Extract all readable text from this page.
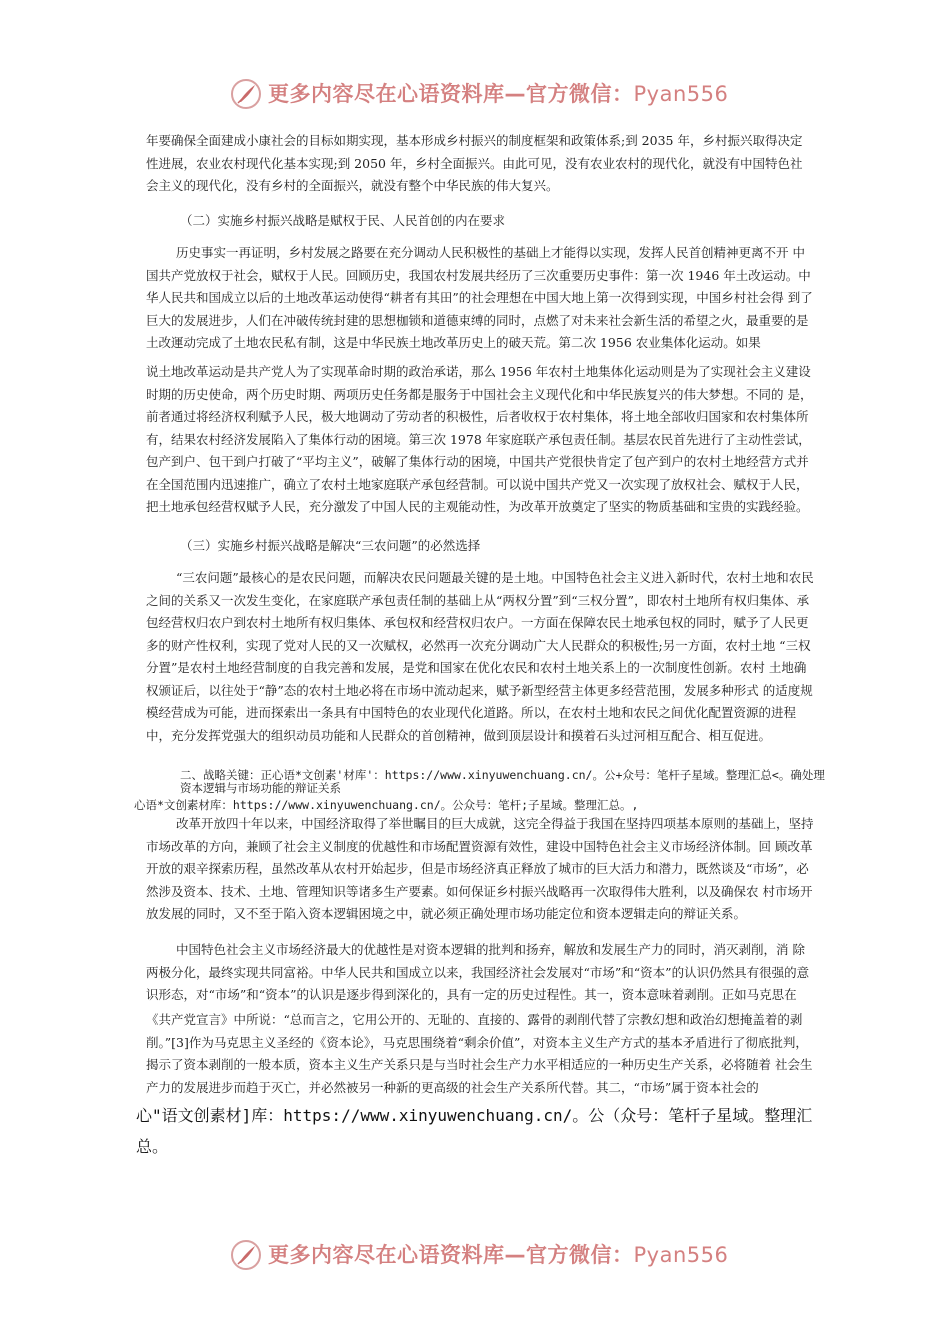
更多内容尽在心语资料库—官方微信：Pyan556

年要确保全面建成小康社会的目标如期实现，基本形成乡村振兴的制度框架和政策体系;到 2035 年，乡村振兴取得决定性进展，农业农村现代化基本实现;到 2050 年，乡村全面振兴。由此可见，没有农业农村的现代化，就没有中国特色社会主义的现代化，没有乡村的全面振兴，就没有整个中华民族的伟大复兴。

（二）实施乡村振兴战略是赋权于民、人民首创的内在要求

历史事实一再证明，乡村发展之路要在充分调动人民积极性的基础上才能得以实现，发挥人民首创精神更离不开 中国共产党放权于社会，赋权于人民。回顾历史，我国农村发展共经历了三次重要历史事件：第一次 1946 年土改运动。中华人民共和国成立以后的土地改革运动使得“耕者有其田”的社会理想在中国大地上第一次得到实现，中国乡村社会得 到了巨大的发展进步，人们在冲破传统封建的思想枷锁和道德束缚的同时，点燃了对未来社会新生活的希望之火，最重要的是土改運动完成了土地农民私有制，这是中华民族土地改革历史上的破天荒。第二次 1956 农业集体化运动。如果

说土地改革运动是共产党人为了实现革命时期的政治承诺，那么 1956 年农村土地集体化运动则是为了实现社会主义建设时期的历史使命，两个历史时期、两项历史任务都是服务于中国社会主义现代化和中华民族复兴的伟大梦想。不同的 是，前者通过将经济权利赋予人民，极大地调动了劳动者的积极性，后者收权于农村集体，将土地全部收归国家和农村集体所有，结果农村经济发展陷入了集体行动的困境。第三次 1978 年家庭联产承包责任制。基层农民首先进行了主动性尝试，包产到户、包干到户打破了“平均主义”，破解了集体行动的困境，中国共产党很快肯定了包产到户的农村土地经营方式并在全国范围内迅速推广，确立了农村土地家庭联产承包经营制。可以说中国共产党又一次实现了放权社会、赋权于人民，把土地承包经营权赋予人民，充分激发了中国人民的主观能动性，为改革开放奠定了坚实的物质基础和宝贵的实践经验。

（三）实施乡村振兴战略是解决“三农问题”的必然选择

“三农问题”最核心的是农民问题，而解决农民问题最关键的是土地。中国特色社会主义进入新时代，农村土地和农民之间的关系又一次发生变化，在家庭联产承包责任制的基础上从“两权分置”到“三权分置”，即农村土地所有权归集体、承包经营权归农户到农村土地所有权归集体、承包权和经营权归农户。一方面在保障农民土地承包权的同时，赋予了人民更多的财产性权利，实现了党对人民的又一次赋权，必然再一次充分调动广大人民群众的积极性;另一方面，农村土地 “三权分置”是农村土地经营制度的自我完善和发展，是党和国家在优化农民和农村土地关系上的一次制度性创新。农村 土地确权颁证后，以往处于“静”态的农村土地必将在市场中流动起来，赋予新型经营主体更多经营范围，发展多种形式 的适度规模经营成为可能，进而探索出一条具有中国特色的农业现代化道路。所以，在农村土地和农民之间优化配置资源的进程中，充分发挥党强大的组织动员功能和人民群众的首创精神，做到顶层设计和摸着石头过河相互配合、相互促进。

二、战略关键：正心语*文创素'材库'：https://www.xinyuwenchuang.cn/。公+众号：笔杆子星域。整理汇总<。确处理资本逻辑与市场功能的辩证关系

心语*文创素材库：https://www.xinyuwenchuang.cn/。公众号：笔杆;子星域。整理汇总。,

改革开放四十年以来，中国经济取得了举世瞩目的巨大成就，这完全得益于我国在坚持四项基本原则的基础上，坚持市场改革的方向，兼顾了社会主义制度的优越性和市场配置资源有效性，建设中国特色社会主义市场经济体制。回 顾改革开放的艰辛探索历程，虽然改革从农村开始起步，但是市场经济真正释放了城市的巨大活力和潜力，既然谈及“市场”，必然涉及资本、技术、土地、管理知识等诸多生产要素。如何保证乡村振兴战略再一次取得伟大胜利，以及确保农 村市场开放发展的同时，又不至于陷入资本逻辑困境之中，就必须正确处理市场功能定位和资本逻辑走向的辩证关系。

中国特色社会主义市场经济最大的优越性是对资本逻辑的批判和扬弃，解放和发展生产力的同时，消灭剥削，消 除两极分化，最终实现共同富裕。中华人民共和国成立以来，我国经济社会发展对“市场”和“资本”的认识仍然具有很强的意识形态，对“市场”和“资本”的认识是逐步得到深化的，具有一定的历史过程性。其一，资本意味着剥削。正如马克思在

《共产党宣言》中所说：“总而言之，它用公开的、无耻的、直接的、露骨的剥削代替了宗教幻想和政治幻想掩盖着的剥削。”[3]作为马克思主义圣经的《资本论》，马克思围绕着“剩余价值”，对资本主义生产方式的基本矛盾进行了彻底批判，揭示了资本剥削的一般本质，资本主义生产关系只是与当时社会生产力水平相适应的一种历史生产关系，必将随着 社会生产力的发展进步而趋于灭亡，并必然被另一种新的更高级的社会生产关系所代替。其二，“市场”属于资本社会的

心"语文创素材]库：https://www.xinyuwenchuang.cn/。公（众号：笔杆子星域。整理汇总。

更多内容尽在心语资料库—官方微信：Pyan556
